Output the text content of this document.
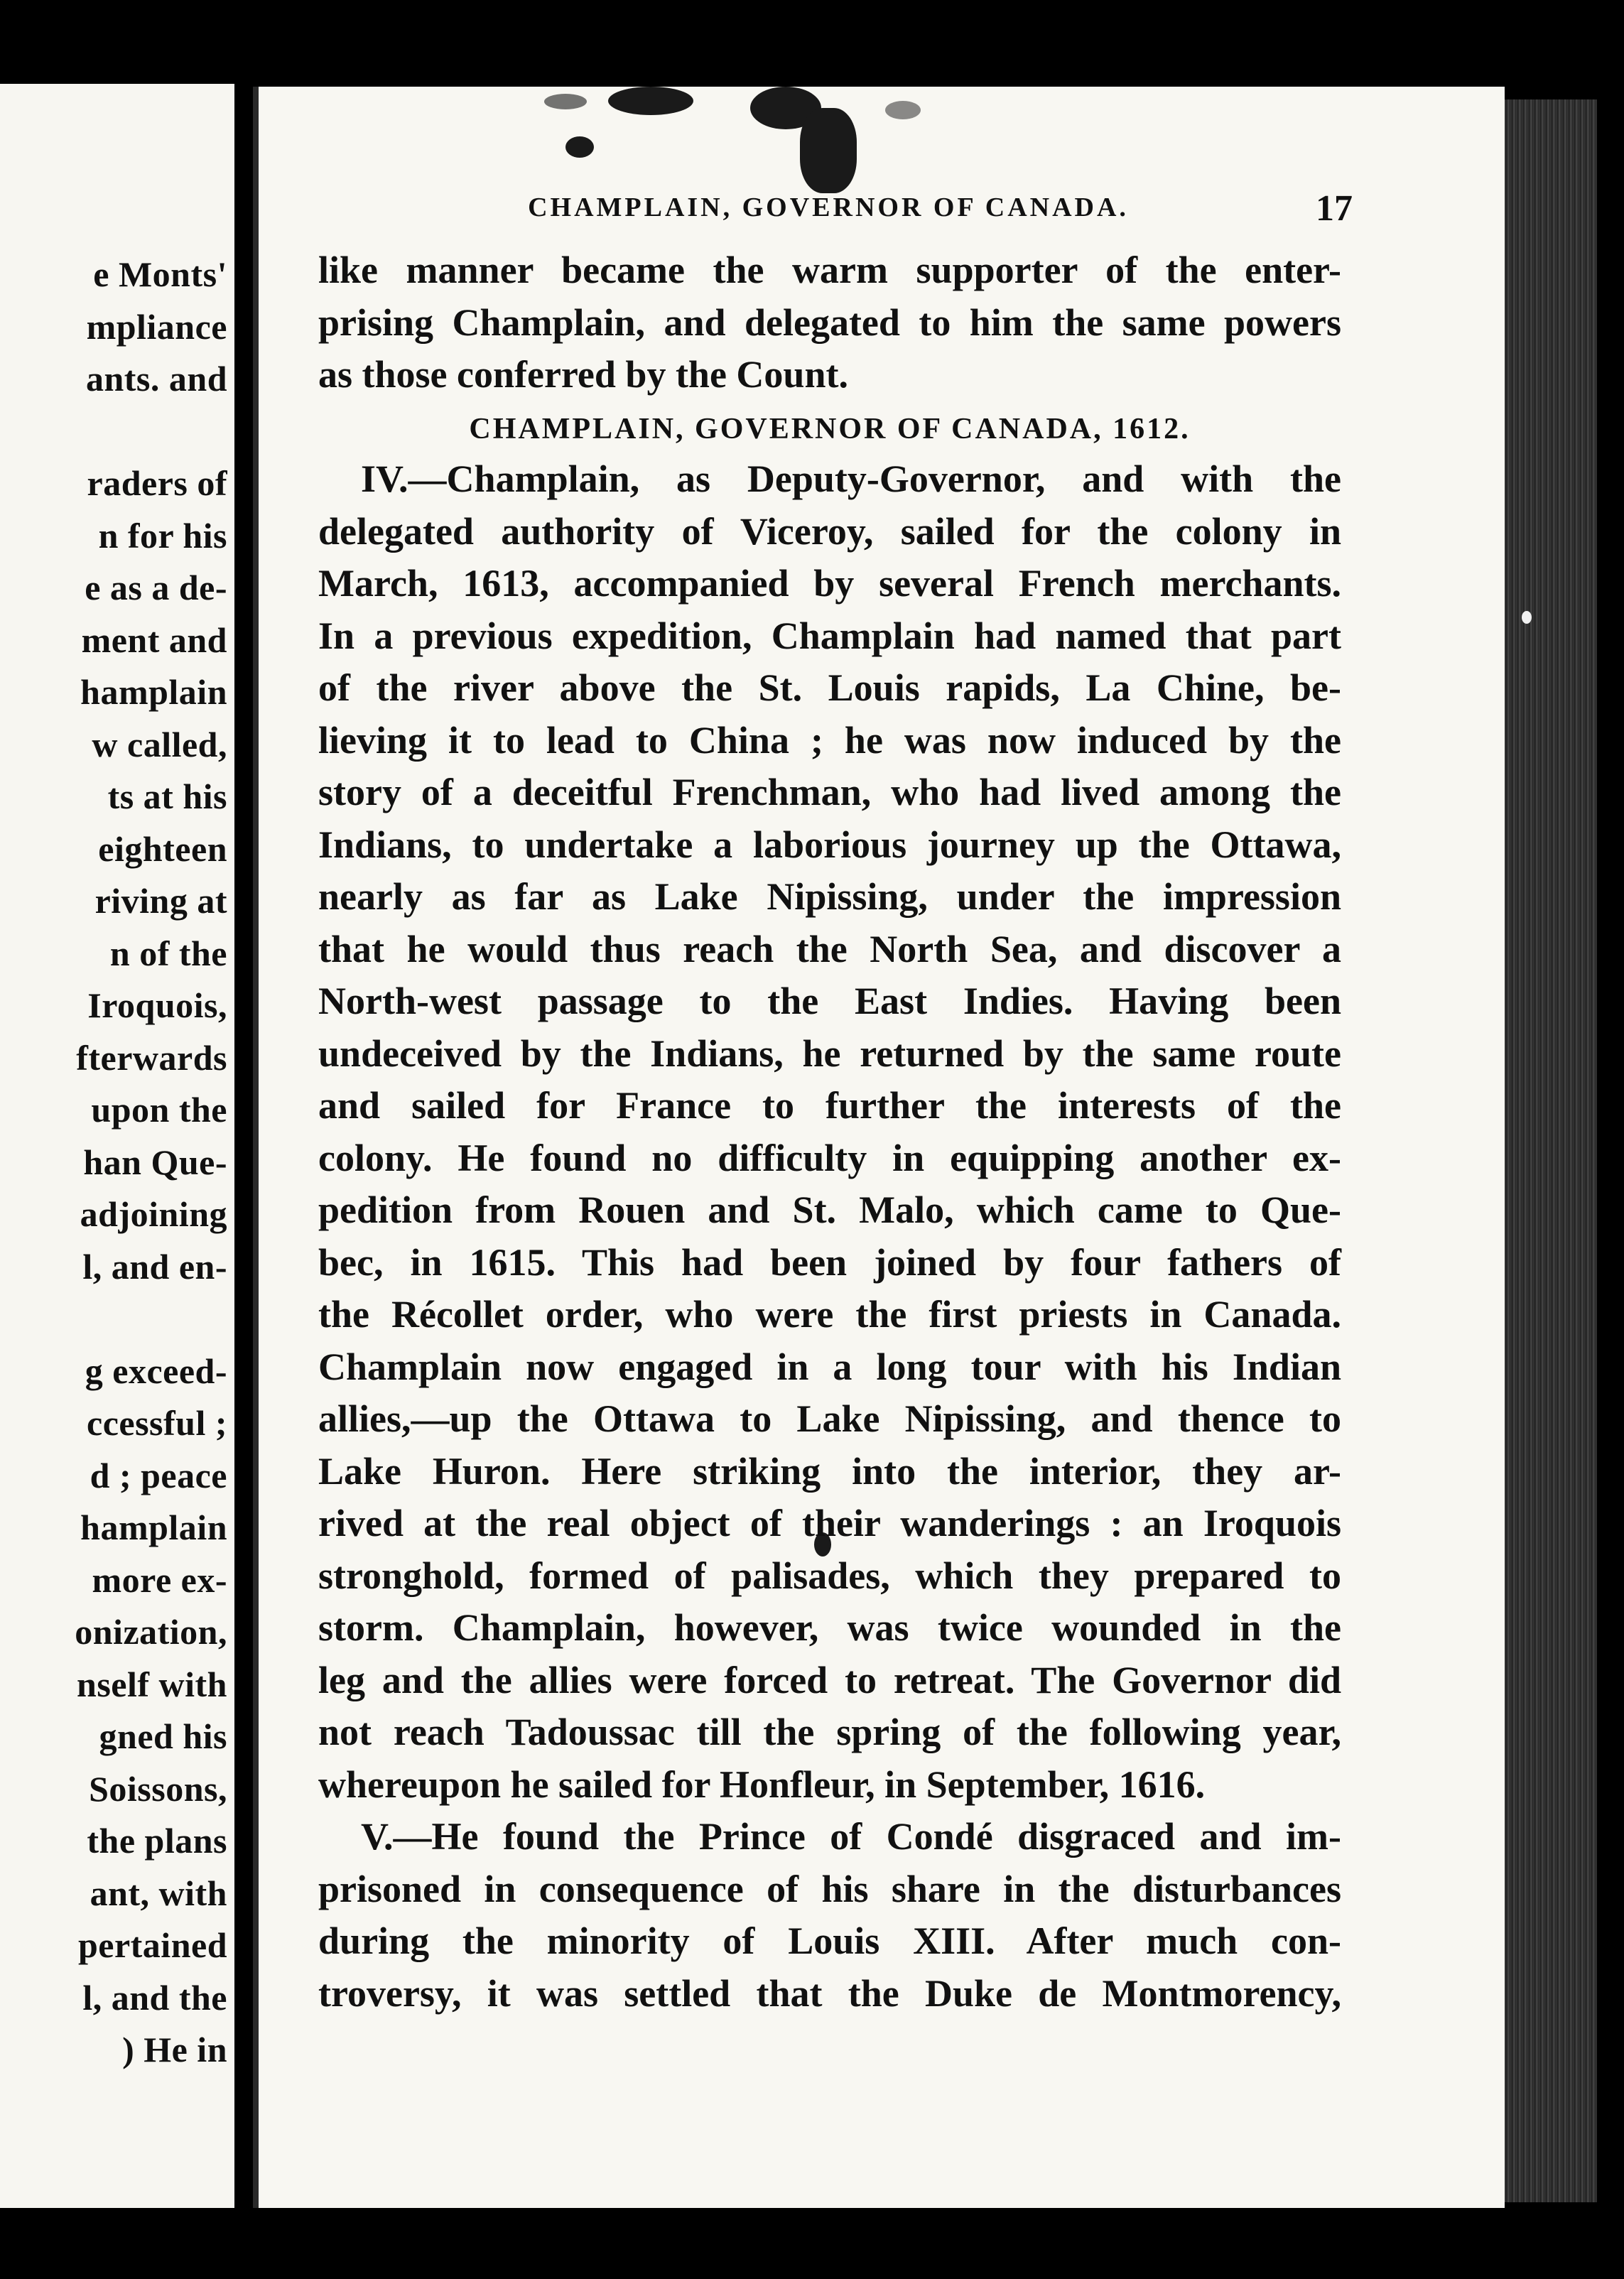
e Monts'
mpliance
ants. and

raders of
n for his
e as a de-
ment and
hamplain
w called,
ts at his
eighteen
riving at
n of the
Iroquois,
fterwards
upon the
han Que-
adjoining
l, and en-

g exceed-
ccessful ;
d ; peace
hamplain
more ex-
onization,
nself with
gned his
Soissons,
the plans
ant, with
pertained
l, and the
) He in
CHAMPLAIN, GOVERNOR OF CANADA.	17
like manner became the warm supporter of the enter-
prising Champlain, and delegated to him the same powers
as those conferred by the Count.
CHAMPLAIN, GOVERNOR OF CANADA, 1612.
IV.—Champlain, as Deputy-Governor, and with the
delegated authority of Viceroy, sailed for the colony in
March, 1613, accompanied by several French merchants.
In a previous expedition, Champlain had named that part
of the river above the St. Louis rapids, La Chine, be-
lieving it to lead to China ; he was now induced by the
story of a deceitful Frenchman, who had lived among the
Indians, to undertake a laborious journey up the Ottawa,
nearly as far as Lake Nipissing, under the impression
that he would thus reach the North Sea, and discover a
North-west passage to the East Indies. Having been
undeceived by the Indians, he returned by the same route
and sailed for France to further the interests of the
colony. He found no difficulty in equipping another ex-
pedition from Rouen and St. Malo, which came to Que-
bec, in 1615. This had been joined by four fathers of
the Récollet order, who were the first priests in Canada.
Champlain now engaged in a long tour with his Indian
allies,—up the Ottawa to Lake Nipissing, and thence to
Lake Huron. Here striking into the interior, they ar-
rived at the real object of their wanderings : an Iroquois
stronghold, formed of palisades, which they prepared to
storm. Champlain, however, was twice wounded in the
leg and the allies were forced to retreat. The Governor did
not reach Tadoussac till the spring of the following year,
whereupon he sailed for Honfleur, in September, 1616.
V.—He found the Prince of Condé disgraced and im-
prisoned in consequence of his share in the disturbances
during the minority of Louis XIII. After much con-
troversy, it was settled that the Duke de Montmorency,
